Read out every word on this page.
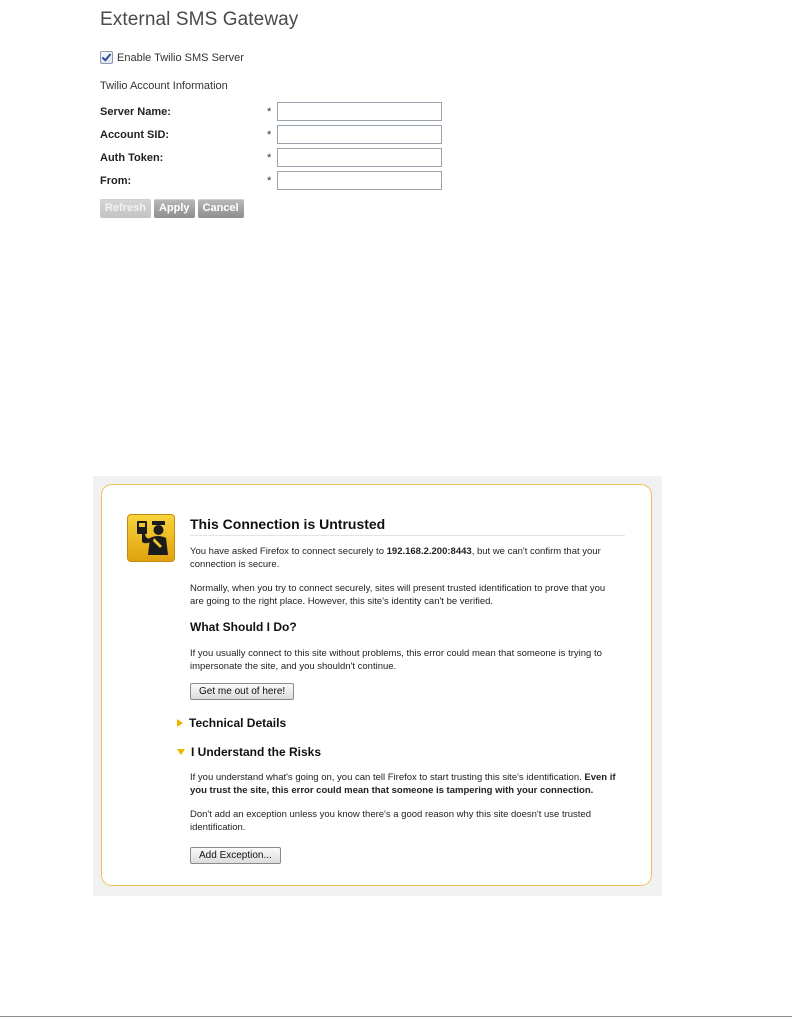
External SMS Gateway
Enable Twilio SMS Server
Twilio Account Information
Server Name:	*
Account SID:	*
Auth Token:	*
From:	*
Refresh	Apply	Cancel
This Connection is Untrusted

You have asked Firefox to connect securely to 192.168.2.200:8443, but we can't confirm that your connection is secure.

Normally, when you try to connect securely, sites will present trusted identification to prove that you are going to the right place. However, this site's identity can't be verified.

What Should I Do?

If you usually connect to this site without problems, this error could mean that someone is trying to impersonate the site, and you shouldn't continue.

Get me out of here!
Technical Details
I Understand the Risks

If you understand what's going on, you can tell Firefox to start trusting this site's identification. Even if you trust the site, this error could mean that someone is tampering with your connection.

Don't add an exception unless you know there's a good reason why this site doesn't use trusted identification.

Add Exception...
